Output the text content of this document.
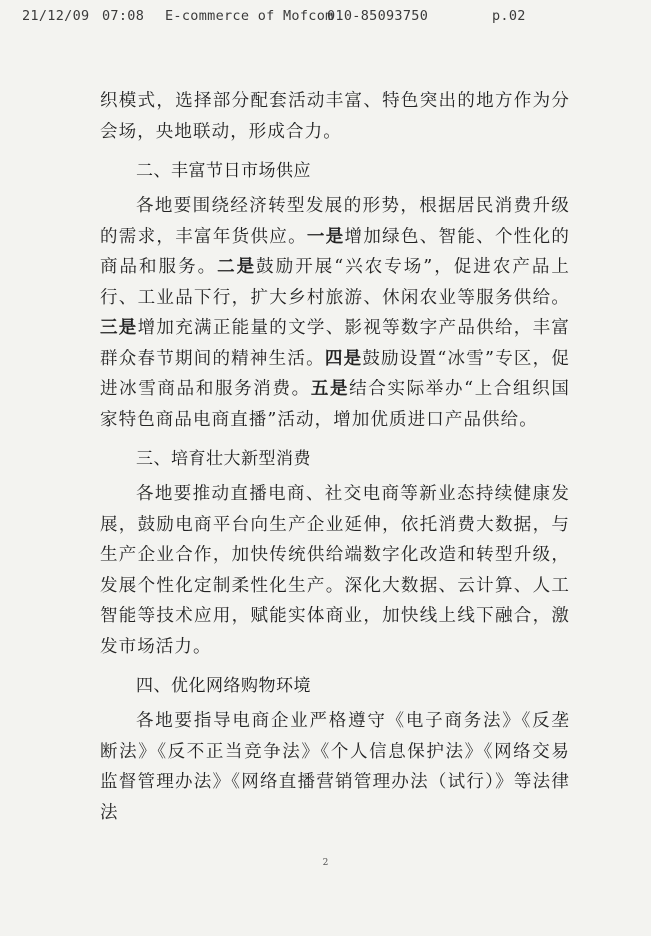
21/12/09 07:08 E-commerce of Mofcom
010-85093750	p.02

织模式，选择部分配套活动丰富、特色突出的地方作为分会场，央地联动，形成合力。

二、丰富节日市场供应

各地要围绕经济转型发展的形势，根据居民消费升级的需求，丰富年货供应。一是增加绿色、智能、个性化的商品和服务。二是鼓励开展“兴农专场”，促进农产品上行、工业品下行，扩大乡村旅游、休闲农业等服务供给。三是增加充满正能量的文学、影视等数字产品供给，丰富群众春节期间的精神生活。四是鼓励设置“冰雪”专区，促进冰雪商品和服务消费。五是结合实际举办“上合组织国家特色商品电商直播”活动，增加优质进口产品供给。

三、培育壮大新型消费

各地要推动直播电商、社交电商等新业态持续健康发展，鼓励电商平台向生产企业延伸，依托消费大数据，与生产企业合作，加快传统供给端数字化改造和转型升级，发展个性化定制柔性化生产。深化大数据、云计算、人工智能等技术应用，赋能实体商业，加快线上线下融合，激发市场活力。

四、优化网络购物环境

各地要指导电商企业严格遵守《电子商务法》《反垄断法》《反不正当竞争法》《个人信息保护法》《网络交易监督管理办法》《网络直播营销管理办法（试行）》等法律法

2
